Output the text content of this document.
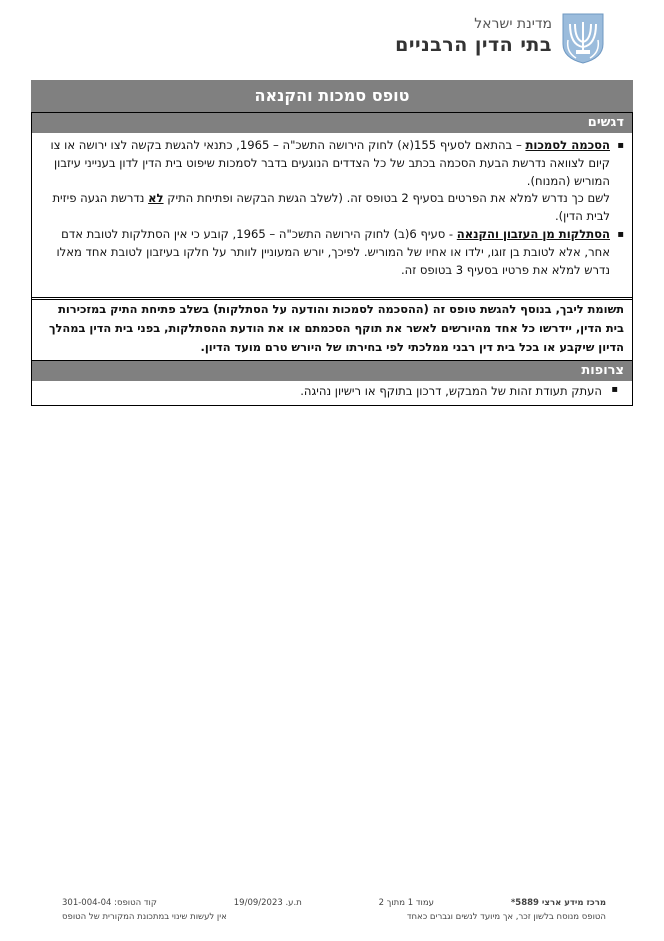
מדינת ישראל
בתי הדין הרבניים
טופס סמכות והקנאה
דגשים
▪ הסכמה לסמכות – בהתאם לסעיף 155(א) לחוק הירושה התשכ"ה – 1965, כתנאי להגשת בקשה לצו ירושה או צו קיום לצוואה נדרשת הבעת הסכמה בכתב של כל הצדדים הנוגעים בדבר לסמכות שיפוט בית הדין לדון בענייני עיזבון המוריש (המנוח).
לשם כך נדרש למלא את הפרטים בסעיף 2 בטופס זה. (לשלב הגשת הבקשה ופתיחת התיק לא נדרשת הגעה פיזית לבית הדין).
▪ הסתלקות מן העזבון והקנאה - סעיף 6(ב) לחוק הירושה התשכ"ה – 1965, קובע כי אין הסתלקות לטובת אדם אחר, אלא לטובת בן זוגו, ילדו או אחיו של המוריש. לפיכך, יורש המעוניין לוותר על חלקו בעיזבון לטובת אחד מאלו נדרש למלא את פרטיו בסעיף 3 בטופס זה.
תשומת ליבך, בנוסף להגשת טופס זה (ההסכמה לסמכות והודעה על הסתלקות) בשלב פתיחת התיק במזכירות בית הדין, יידרשו כל אחד מהיורשים לאשר את תוקף הסכמתם או את הודעת ההסתלקות, בפני בית הדין במהלך הדיון שיקבע או בכל בית דין רבני ממלכתי לפי בחירתו של היורש טרם מועד הדיון.
צרופות
▪ העתק תעודת זהות של המבקש, דרכון בתוקף או רישיון נהיגה.
מרכז מידע ארצי 5889*
עמוד 1 מתוך 2
ת.ע. 19/09/2023
קוד הטופס: 301-004-04
הטופס מנוסח בלשון זכר, אך מיועד לנשים וגברים כאחד
אין לעשות שינוי במתכונת המקורית של הטופס
